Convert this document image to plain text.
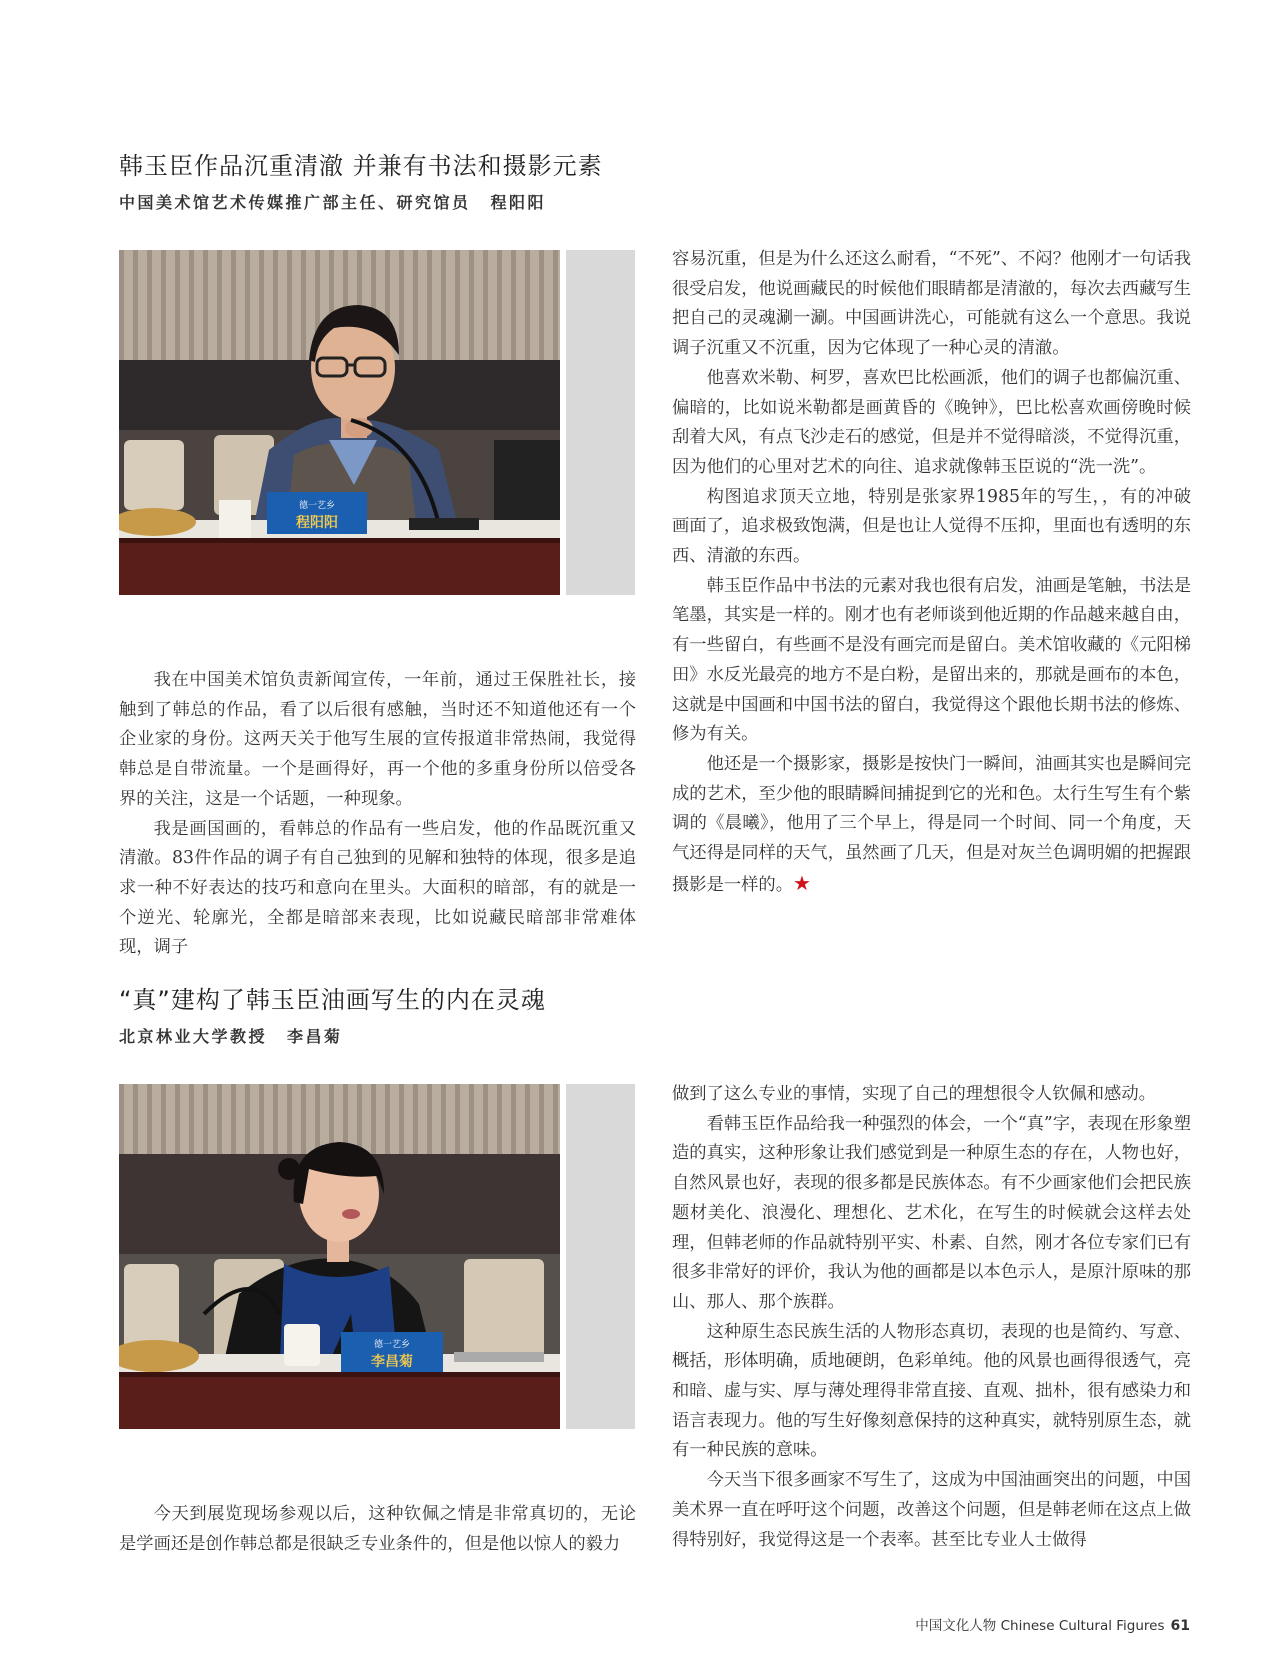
韩玉臣作品沉重清澈 并兼有书法和摄影元素
中国美术馆艺术传媒推广部主任、研究馆员 程阳阳
德一艺乡
程阳阳

我在中国美术馆负责新闻宣传，一年前，通过王保胜社长，接触到了韩总的作品，看了以后很有感触，当时还不知道他还有一个企业家的身份。这两天关于他写生展的宣传报道非常热闹，我觉得韩总是自带流量。一个是画得好，再一个他的多重身份所以倍受各界的关注，这是一个话题，一种现象。

我是画国画的，看韩总的作品有一些启发，他的作品既沉重又清澈。83件作品的调子有自己独到的见解和独特的体现，很多是追求一种不好表达的技巧和意向在里头。大面积的暗部，有的就是一个逆光、轮廓光，全都是暗部来表现，比如说藏民暗部非常难体现，调子

容易沉重，但是为什么还这么耐看，“不死”、不闷？他刚才一句话我很受启发，他说画藏民的时候他们眼睛都是清澈的，每次去西藏写生把自己的灵魂涮一涮。中国画讲洗心，可能就有这么一个意思。我说调子沉重又不沉重，因为它体现了一种心灵的清澈。

他喜欢米勒、柯罗，喜欢巴比松画派，他们的调子也都偏沉重、偏暗的，比如说米勒都是画黄昏的《晚钟》，巴比松喜欢画傍晚时候刮着大风，有点飞沙走石的感觉，但是并不觉得暗淡，不觉得沉重，因为他们的心里对艺术的向往、追求就像韩玉臣说的“洗一洗”。

构图追求顶天立地，特别是张家界1985年的写生，，有的冲破画面了，追求极致饱满，但是也让人觉得不压抑，里面也有透明的东西、清澈的东西。

韩玉臣作品中书法的元素对我也很有启发，油画是笔触，书法是笔墨，其实是一样的。刚才也有老师谈到他近期的作品越来越自由，有一些留白，有些画不是没有画完而是留白。美术馆收藏的《元阳梯田》水反光最亮的地方不是白粉，是留出来的，那就是画布的本色，这就是中国画和中国书法的留白，我觉得这个跟他长期书法的修炼、修为有关。

他还是一个摄影家，摄影是按快门一瞬间，油画其实也是瞬间完成的艺术，至少他的眼睛瞬间捕捉到它的光和色。太行生写生有个紫调的《晨曦》，他用了三个早上，得是同一个时间、同一个角度，天气还得是同样的天气，虽然画了几天，但是对灰兰色调明媚的把握跟摄影是一样的。★

“真”建构了韩玉臣油画写生的内在灵魂
北京林业大学教授 李昌菊
德一艺乡
李昌菊

今天到展览现场参观以后，这种钦佩之情是非常真切的，无论是学画还是创作韩总都是很缺乏专业条件的，但是他以惊人的毅力

做到了这么专业的事情，实现了自己的理想很令人钦佩和感动。

看韩玉臣作品给我一种强烈的体会，一个“真”字，表现在形象塑造的真实，这种形象让我们感觉到是一种原生态的存在，人物也好，自然风景也好，表现的很多都是民族体态。有不少画家他们会把民族题材美化、浪漫化、理想化、艺术化，在写生的时候就会这样去处理，但韩老师的作品就特别平实、朴素、自然，刚才各位专家们已有很多非常好的评价，我认为他的画都是以本色示人，是原汁原味的那山、那人、那个族群。

这种原生态民族生活的人物形态真切，表现的也是简约、写意、概括，形体明确，质地硬朗，色彩单纯。他的风景也画得很透气，亮和暗、虚与实、厚与薄处理得非常直接、直观、拙朴，很有感染力和语言表现力。他的写生好像刻意保持的这种真实，就特别原生态，就有一种民族的意味。

今天当下很多画家不写生了，这成为中国油画突出的问题，中国美术界一直在呼吁这个问题，改善这个问题，但是韩老师在这点上做得特别好，我觉得这是一个表率。甚至比专业人士做得

中国文化人物 Chinese Cultural Figures 61
